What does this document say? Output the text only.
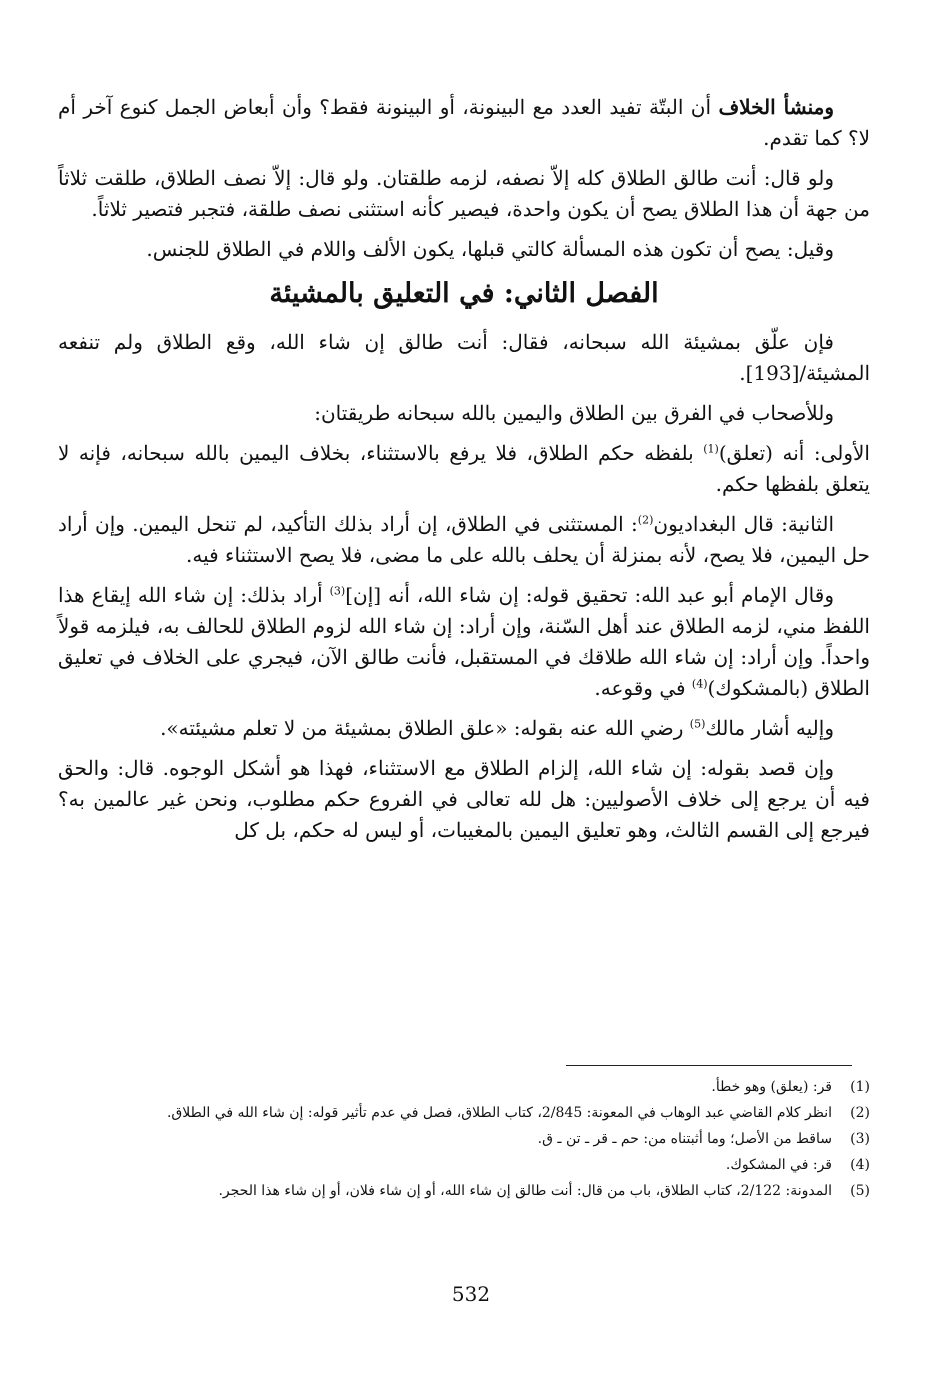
ومنشأ الخلاف أن البتّة تفيد العدد مع البينونة، أو البينونة فقط؟ وأن أبعاض الجمل كنوع آخر أم لا؟ كما تقدم.

ولو قال: أنت طالق الطلاق كله إلاّ نصفه، لزمه طلقتان. ولو قال: إلاّ نصف الطلاق، طلقت ثلاثاً من جهة أن هذا الطلاق يصح أن يكون واحدة، فيصير كأنه استثنى نصف طلقة، فتجبر فتصير ثلاثاً.

وقيل: يصح أن تكون هذه المسألة كالتي قبلها، يكون الألف واللام في الطلاق للجنس.

الفصل الثاني: في التعليق بالمشيئة

فإن علّق بمشيئة الله سبحانه، فقال: أنت طالق إن شاء الله، وقع الطلاق ولم تنفعه المشيئة/[193].

وللأصحاب في الفرق بين الطلاق واليمين بالله سبحانه طريقتان:

الأولى: أنه (تعلق)$^{(1)}$ بلفظه حكم الطلاق، فلا يرفع بالاستثناء، بخلاف اليمين بالله سبحانه، فإنه لا يتعلق بلفظها حكم.

الثانية: قال البغداديون$^{(2)}$: المستثنى في الطلاق، إن أراد بذلك التأكيد، لم تنحل اليمين. وإن أراد حل اليمين، فلا يصح، لأنه بمنزلة أن يحلف بالله على ما مضى، فلا يصح الاستثناء فيه.

وقال الإمام أبو عبد الله: تحقيق قوله: إن شاء الله، أنه [إن]$^{(3)}$ أراد بذلك: إن شاء الله إيقاع هذا اللفظ مني، لزمه الطلاق عند أهل السّنة، وإن أراد: إن شاء الله لزوم الطلاق للحالف به، فيلزمه قولاً واحداً. وإن أراد: إن شاء الله طلاقك في المستقبل، فأنت طالق الآن، فيجري على الخلاف في تعليق الطلاق (بالمشكوك)$^{(4)}$ في وقوعه.

وإليه أشار مالك$^{(5)}$ رضي الله عنه بقوله: «علق الطلاق بمشيئة من لا تعلم مشيئته».

وإن قصد بقوله: إن شاء الله، إلزام الطلاق مع الاستثناء، فهذا هو أشكل الوجوه. قال: والحق فيه أن يرجع إلى خلاف الأصوليين: هل لله تعالى في الفروع حكم مطلوب، ونحن غير عالمين به؟ فيرجع إلى القسم الثالث، وهو تعليق اليمين بالمغيبات، أو ليس له حكم، بل كل

(1)
قر: (يعلق) وهو خطأ.
(2)
انظر كلام القاضي عبد الوهاب في المعونة: 2/845، كتاب الطلاق، فصل في عدم تأثير قوله: إن شاء الله في الطلاق.
(3)
ساقط من الأصل؛ وما أثبتناه من: حم ـ قر ـ تن ـ ق.
(4)
قر: في المشكوك.
(5)
المدونة: 2/122، كتاب الطلاق، باب من قال: أنت طالق إن شاء الله، أو إن شاء فلان، أو إن شاء هذا الحجر.
532
